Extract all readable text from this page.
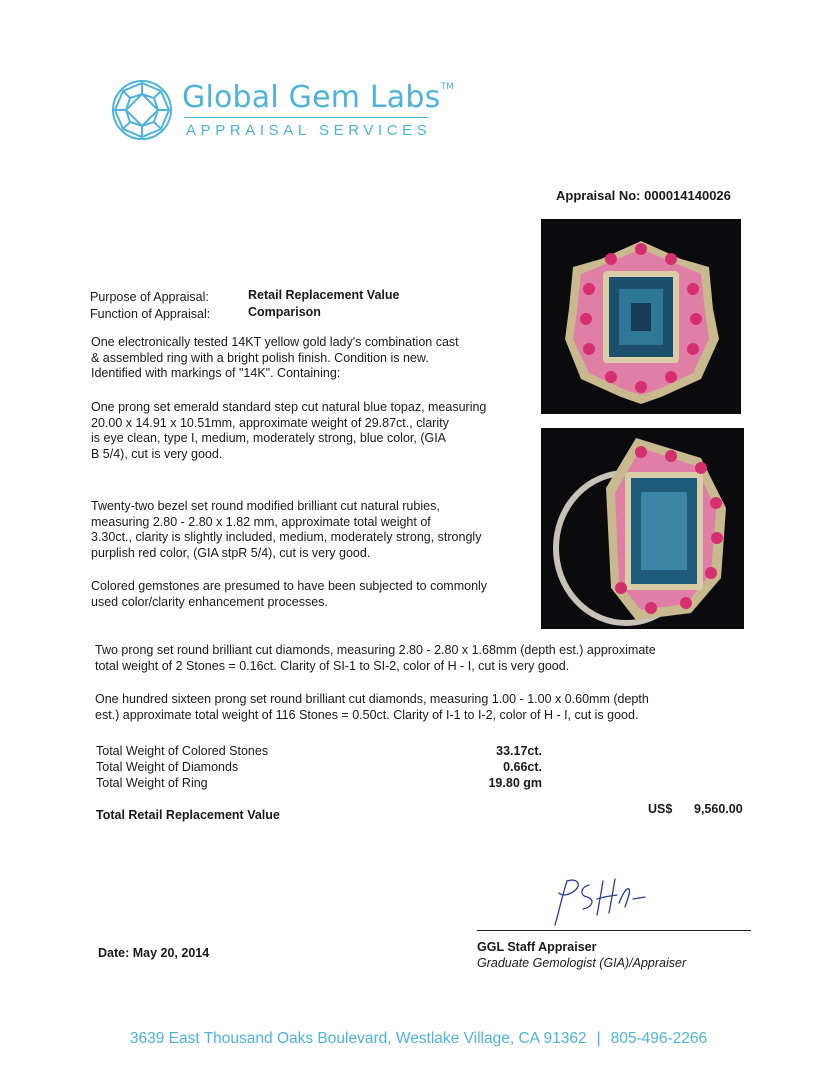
Global Gem Labs™
APPRAISAL SERVICES
Appraisal No: 000014140026
Purpose of Appraisal:	Retail Replacement Value
Function of Appraisal:	Comparison
One electronically tested 14KT yellow gold lady's combination cast
& assembled ring with a bright polish finish. Condition is new.
Identified with markings of "14K". Containing:
One prong set emerald standard step cut natural blue topaz, measuring
20.00 x 14.91 x 10.51mm, approximate weight of 29.87ct., clarity
is eye clean, type I, medium, moderately strong, blue color, (GIA
B 5/4), cut is very good.
Twenty-two bezel set round modified brilliant cut natural rubies,
measuring 2.80 - 2.80 x 1.82 mm, approximate total weight of
3.30ct., clarity is slightly included, medium, moderately strong, strongly
purplish red color, (GIA stpR 5/4), cut is very good.
Colored gemstones are presumed to have been subjected to commonly
used color/clarity enhancement processes.
Two prong set round brilliant cut diamonds, measuring 2.80 - 2.80 x 1.68mm (depth est.) approximate
total weight of 2 Stones = 0.16ct. Clarity of SI-1 to SI-2, color of H - I, cut is very good.
One hundred sixteen prong set round brilliant cut diamonds, measuring 1.00 - 1.00 x 0.60mm (depth
est.) approximate total weight of 116 Stones = 0.50ct. Clarity of I-1 to I-2, color of H - I, cut is good.
Total Weight of Colored Stones	33.17ct.
Total Weight of Diamonds	0.66ct.
Total Weight of Ring	19.80 gm
Total Retail Replacement Value	US$ 9,560.00
GGL Staff Appraiser
Graduate Gemologist (GIA)/Appraiser
Date: May 20, 2014
3639 East Thousand Oaks Boulevard, Westlake Village, CA 91362 | 805-496-2266
